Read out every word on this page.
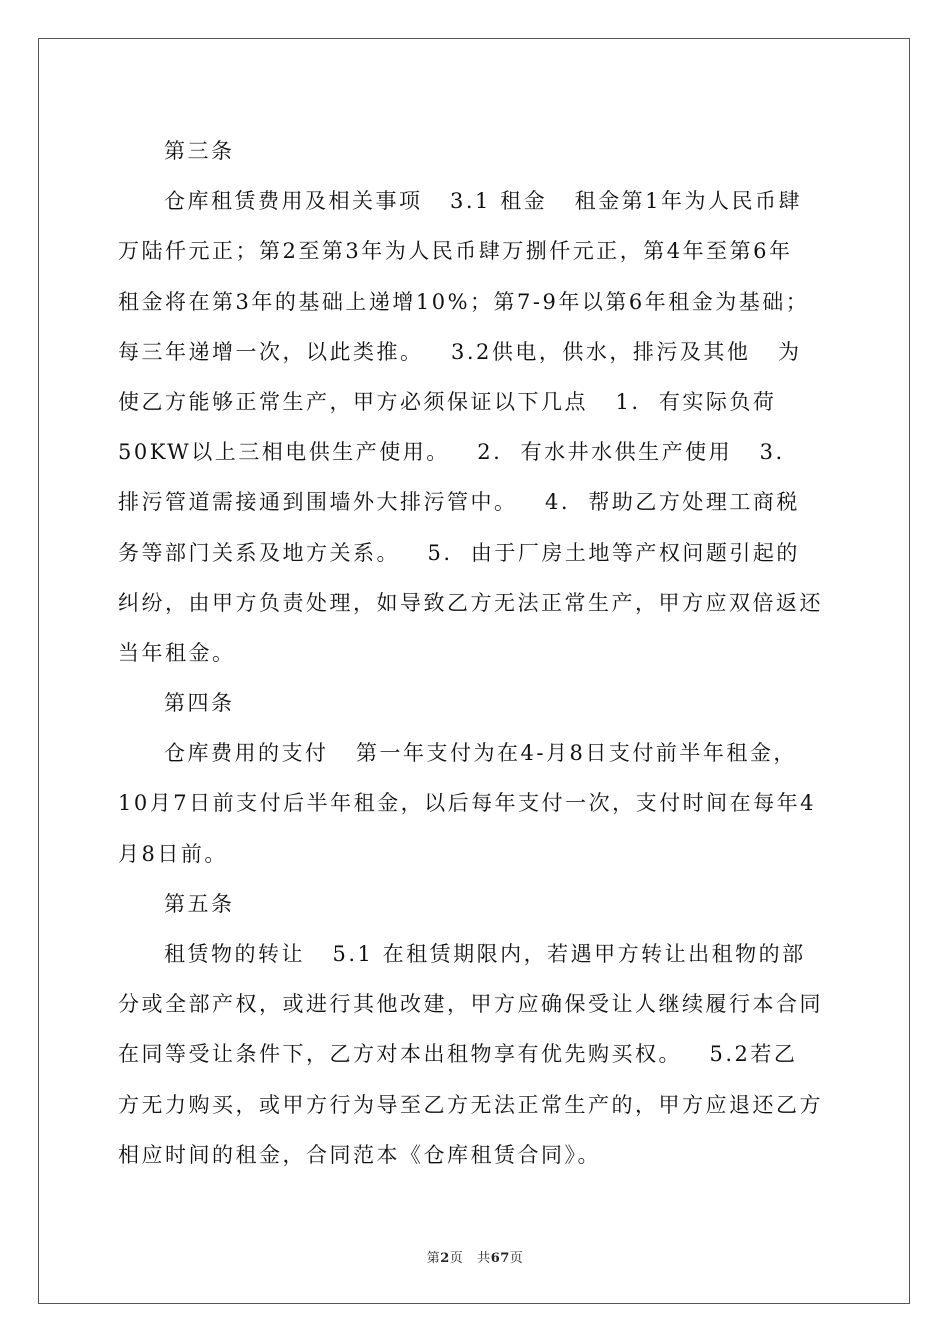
第三条
仓库租赁费用及相关事项   3.1 租金   租金第1年为人民币肆
万陆仟元正；第2至第3年为人民币肆万捌仟元正，第4年至第6年
租金将在第3年的基础上递增10%；第7-9年以第6年租金为基础；
每三年递增一次，以此类推。   3.2供电，供水，排污及其他   为
使乙方能够正常生产，甲方必须保证以下几点   1.  有实际负荷
50KW以上三相电供生产使用。   2.  有水井水供生产使用   3.
排污管道需接通到围墙外大排污管中。   4.  帮助乙方处理工商税
务等部门关系及地方关系。   5.  由于厂房土地等产权问题引起的
纠纷，由甲方负责处理，如导致乙方无法正常生产，甲方应双倍返还
当年租金。
第四条
仓库费用的支付   第一年支付为在4-月8日支付前半年租金，
10月7日前支付后半年租金，以后每年支付一次，支付时间在每年4
月8日前。
第五条
租赁物的转让   5.1 在租赁期限内，若遇甲方转让出租物的部
分或全部产权，或进行其他改建，甲方应确保受让人继续履行本合同
在同等受让条件下，乙方对本出租物享有优先购买权。   5.2若乙
方无力购买，或甲方行为导至乙方无法正常生产的，甲方应退还乙方
相应时间的租金，合同范本《仓库租赁合同》。
第2页 共67页
